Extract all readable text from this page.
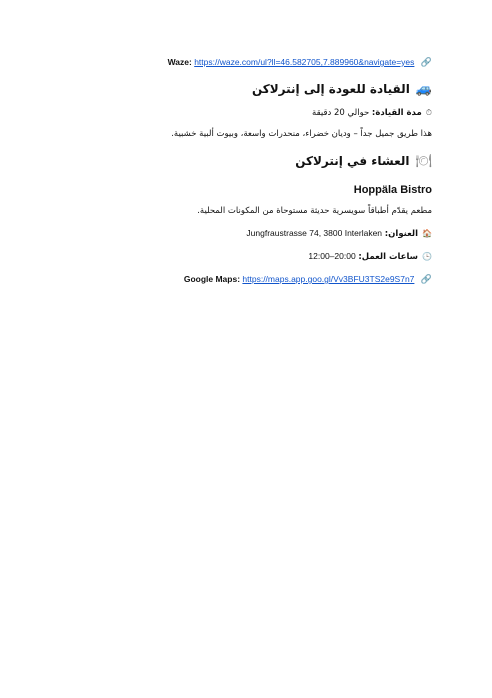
🔗 Waze: https://waze.com/ul?ll=46.582705,7.889960&navigate=yes
🚙القيادة للعودة إلى إنترلاكن
⏱مدة القيادة: حوالي 20 دقيقة
هذا طريق جميل جداً – وديان خضراء، منحدرات واسعة، وبيوت ألبية خشبية.
🍽العشاء في إنترلاكن
Hoppäla Bistro
مطعم يقدّم أطباقاً سويسرية حديثة مستوحاة من المكونات المحلية.
🏠العنوان: Jungfraustrasse 74, 3800 Interlaken
🕒ساعات العمل: 12:00–20:00
🔗 Google Maps: https://maps.app.goo.gl/Vv3BFU3TS2e9S7n7
